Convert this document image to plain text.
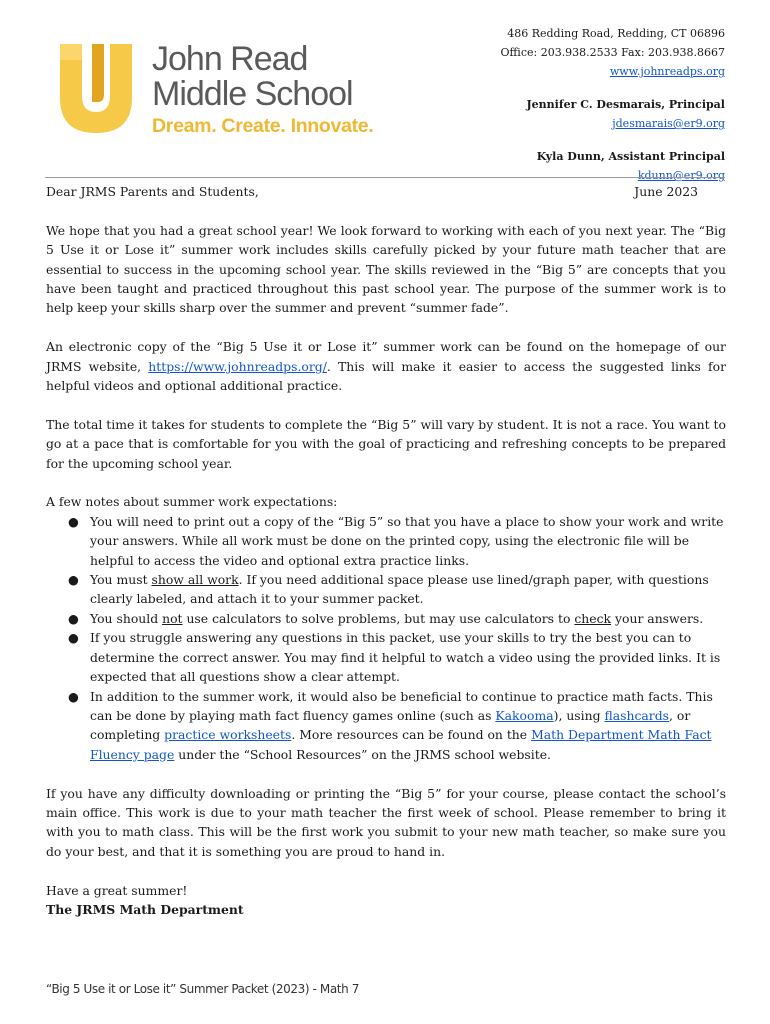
John Read
Middle School
Dream. Create. Innovate.
486 Redding Road, Redding, CT 06896
Office: 203.938.2533 Fax: 203.938.8667
www.johnreadps.org
Jennifer C. Desmarais, Principal
jdesmarais@er9.org
Kyla Dunn, Assistant Principal
kdunn@er9.org
Dear JRMS Parents and Students,	June 2023

We hope that you had a great school year! We look forward to working with each of you next year. The “Big 5 Use it or Lose it” summer work includes skills carefully picked by your future math teacher that are essential to success in the upcoming school year. The skills reviewed in the “Big 5” are concepts that you have been taught and practiced throughout this past school year. The purpose of the summer work is to help keep your skills sharp over the summer and prevent “summer fade”.

An electronic copy of the “Big 5 Use it or Lose it” summer work can be found on the homepage of our JRMS website, https://www.johnreadps.org/. This will make it easier to access the suggested links for helpful videos and optional additional practice.

The total time it takes for students to complete the “Big 5” will vary by student. It is not a race. You want to go at a pace that is comfortable for you with the goal of practicing and refreshing concepts to be prepared for the upcoming school year.

A few notes about summer work expectations:

● You will need to print out a copy of the “Big 5” so that you have a place to show your work and write your answers. While all work must be done on the printed copy, using the electronic file will be helpful to access the video and optional extra practice links.
● You must show all work. If you need additional space please use lined/graph paper, with questions clearly labeled, and attach it to your summer packet.
● You should not use calculators to solve problems, but may use calculators to check your answers.
● If you struggle answering any questions in this packet, use your skills to try the best you can to determine the correct answer. You may find it helpful to watch a video using the provided links. It is expected that all questions show a clear attempt.
● In addition to the summer work, it would also be beneficial to continue to practice math facts. This can be done by playing math fact fluency games online (such as Kakooma), using flashcards, or completing practice worksheets. More resources can be found on the Math Department Math Fact Fluency page under the “School Resources” on the JRMS school website.

If you have any difficulty downloading or printing the “Big 5” for your course, please contact the school’s main office. This work is due to your math teacher the first week of school. Please remember to bring it with you to math class. This will be the first work you submit to your new math teacher, so make sure you do your best, and that it is something you are proud to hand in.

Have a great summer!

The JRMS Math Department

“Big 5 Use it or Lose it” Summer Packet (2023) - Math 7
